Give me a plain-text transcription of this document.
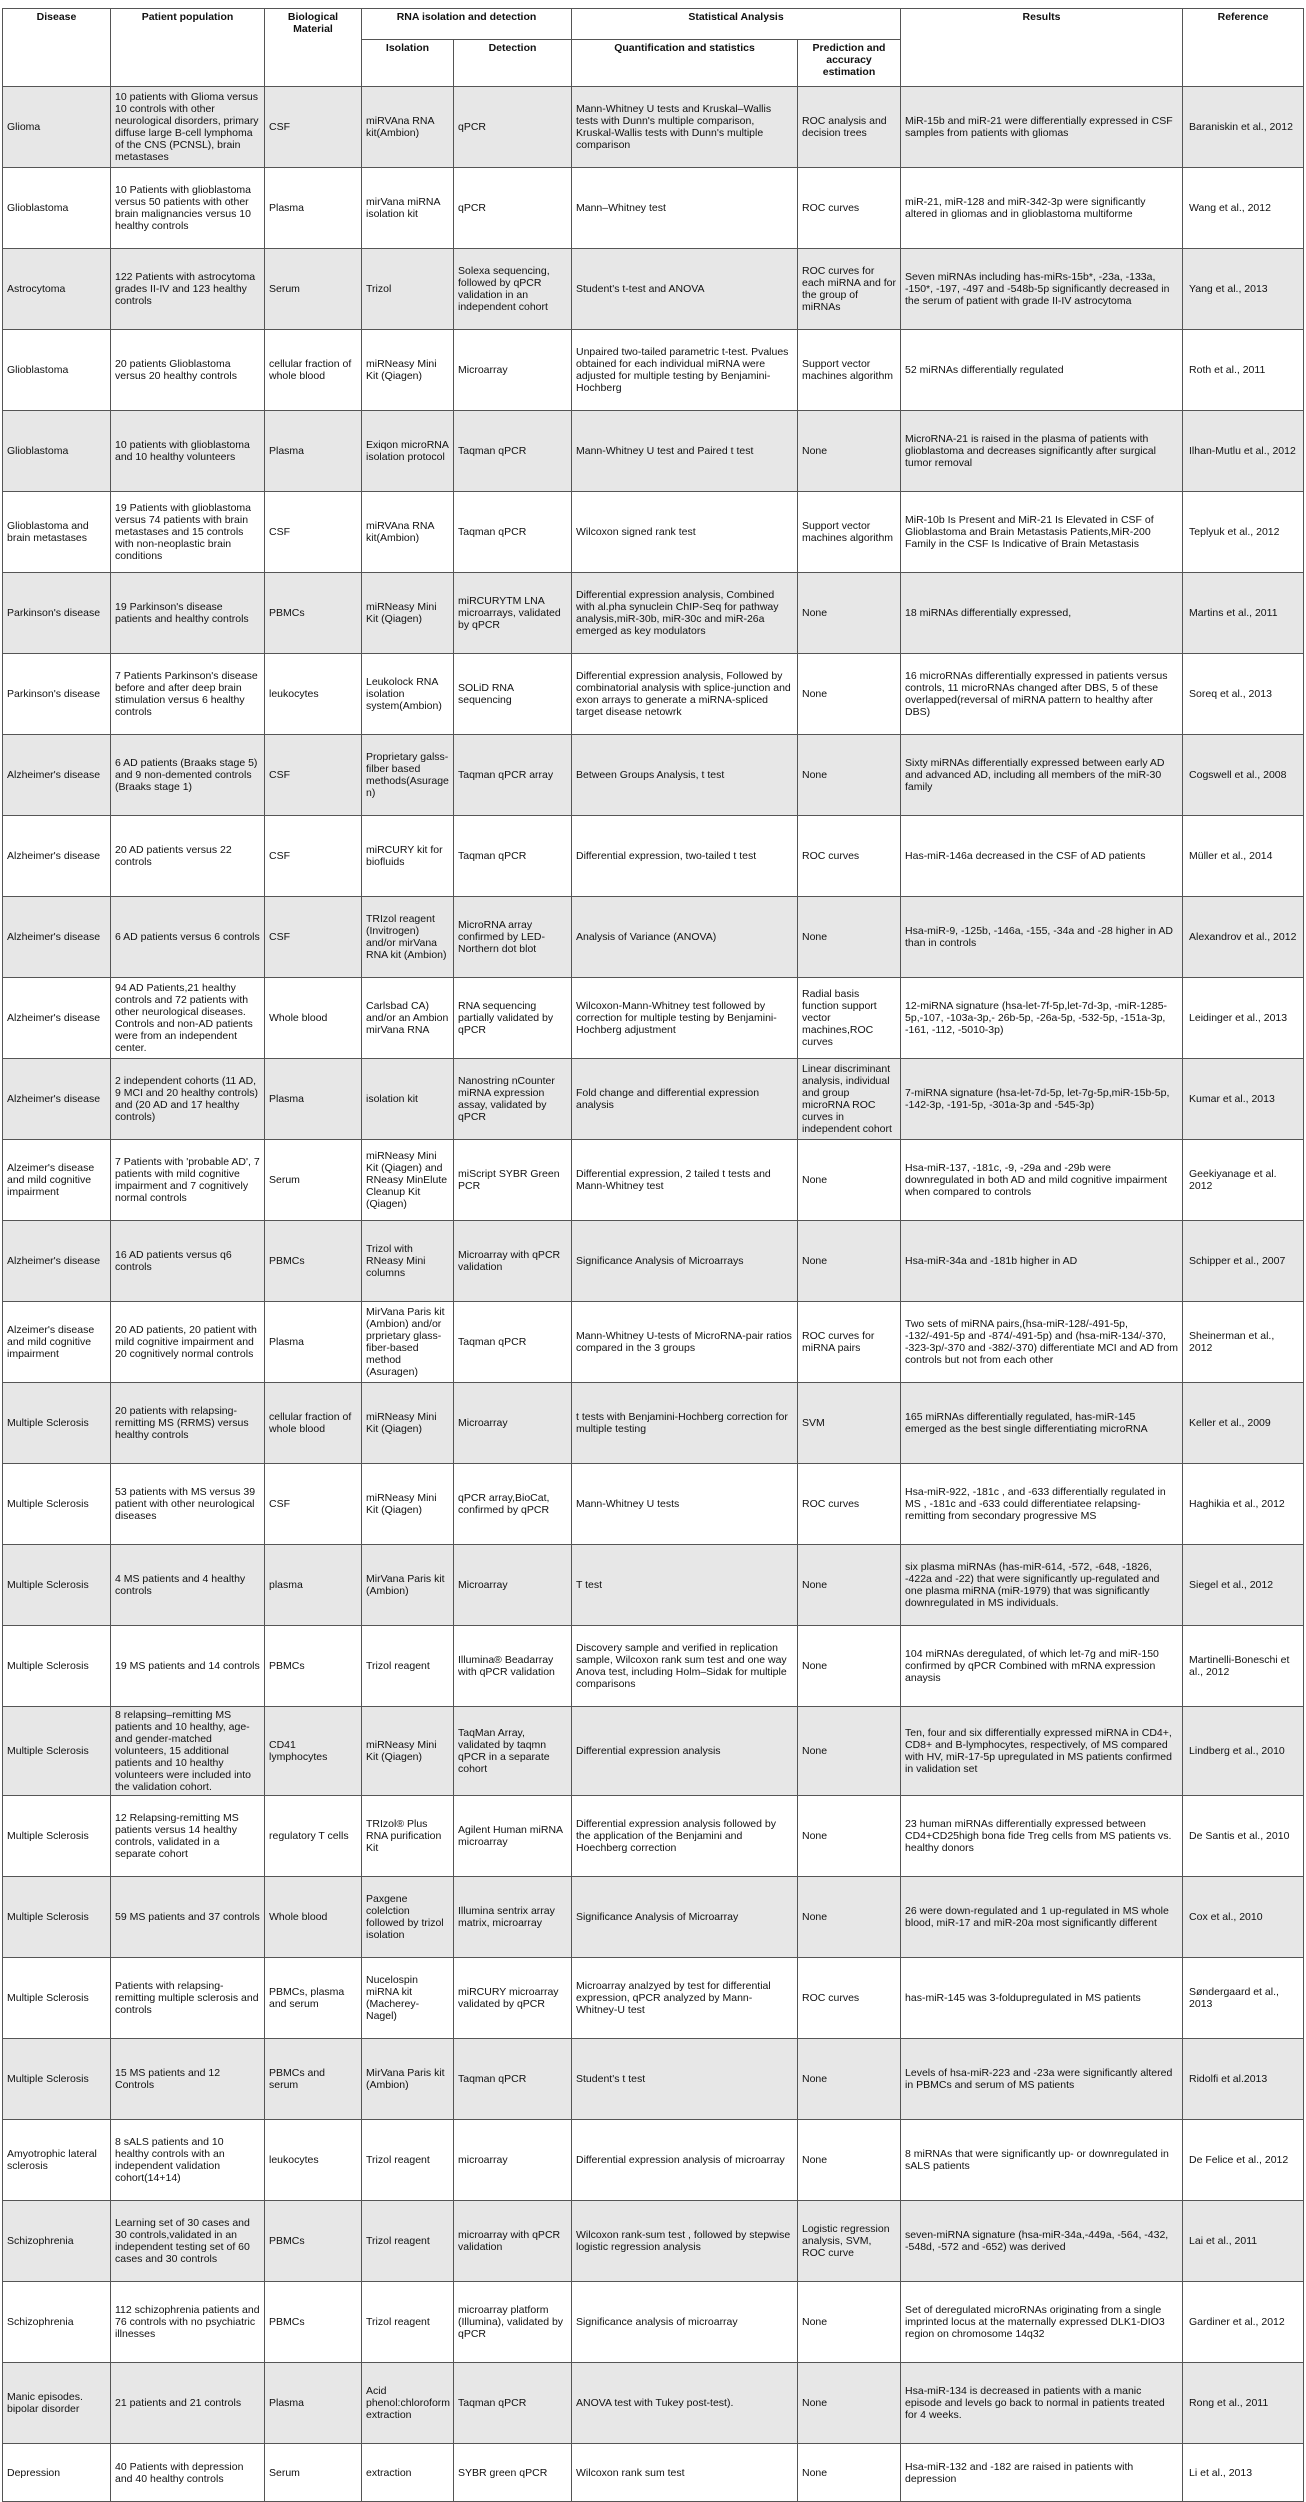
Disease	Patient population	Biological Material	RNA isolation and detection		Statistical Analysis		Results	Reference
			Isolation	Detection	Quantification and statistics	Prediction and accuracy estimation		
Glioma	10 patients with Glioma versus 10 controls with other neurological disorders, primary diffuse large B-cell lymphoma of the CNS (PCNSL), brain metastases	CSF	miRVAna RNA kit(Ambion)	qPCR	Mann-Whitney U tests and Kruskal–Wallis tests with Dunn's multiple comparison, Kruskal-Wallis tests with Dunn's multiple comparison	ROC analysis and decision trees	MiR-15b and miR-21 were differentially expressed in CSF samples from patients with gliomas	Baraniskin et al., 2012
Glioblastoma	10 Patients with glioblastoma versus 50 patients with other brain malignancies versus 10 healthy controls	Plasma	mirVana miRNA isolation kit	qPCR	Mann–Whitney test	ROC curves	miR-21, miR-128 and miR-342-3p were significantly altered in gliomas and in glioblastoma multiforme	Wang et al., 2012
Astrocytoma	122 Patients with astrocytoma grades II-IV and 123 healthy controls	Serum	Trizol	Solexa sequencing, followed by qPCR validation in an independent cohort	Student's t-test and ANOVA	ROC curves for each miRNA and for the group of miRNAs	Seven miRNAs including has-miRs-15b*, -23a, -133a, -150*, -197, -497 and -548b-5p significantly decreased in the serum of patient with grade II-IV astrocytoma	Yang et al., 2013
Glioblastoma	20 patients Glioblastoma versus 20 healthy controls	cellular fraction of whole blood	miRNeasy Mini Kit (Qiagen)	Microarray	Unpaired two-tailed parametric t-test. Pvalues obtained for each individual miRNA were adjusted for multiple testing by Benjamini-Hochberg	Support vector machines algorithm	52 miRNAs differentially regulated	Roth et al., 2011
Glioblastoma	10 patients with glioblastoma and 10 healthy volunteers	Plasma	Exiqon microRNA isolation protocol	Taqman qPCR	Mann-Whitney U test and Paired t test	None	MicroRNA-21 is raised in the plasma of patients with glioblastoma and decreases significantly after surgical tumor removal	Ilhan-Mutlu et al., 2012
Glioblastoma and brain metastases	19 Patients with glioblastoma versus 74 patients with brain metastases and 15 controls with non-neoplastic brain conditions	CSF	miRVAna RNA kit(Ambion)	Taqman qPCR	Wilcoxon signed rank test	Support vector machines algorithm	MiR-10b Is Present and MiR-21 Is Elevated in CSF of Glioblastoma and Brain Metastasis Patients,MiR-200 Family in the CSF Is Indicative of Brain Metastasis	Teplyuk et al., 2012
Parkinson's disease	19 Parkinson's disease patients and healthy controls	PBMCs	miRNeasy Mini Kit (Qiagen)	miRCURYTM LNA microarrays, validated by qPCR	Differential expression analysis, Combined with al.pha synuclein ChIP-Seq for pathway analysis,miR-30b, miR-30c and miR-26a emerged as key modulators	None	18 miRNAs differentially expressed,	Martins et al., 2011
Parkinson's disease	7 Patients Parkinson's disease before and after deep brain stimulation versus 6 healthy controls	leukocytes	Leukolock RNA isolation system(Ambion)	SOLiD RNA sequencing	Differential expression analysis, Followed by combinatorial analysis with splice-junction and exon arrays to generate a miRNA-spliced target disease netowrk	None	16 microRNAs differentially expressed in patients versus controls, 11 microRNAs changed after DBS, 5 of these overlapped(reversal of miRNA pattern to healthy after DBS)	Soreq et al., 2013
Alzheimer's disease	6 AD patients (Braaks stage 5) and 9 non-demented controls (Braaks stage 1)	CSF	Proprietary galss-filber based methods(Asurage n)	Taqman qPCR array	Between Groups Analysis, t test	None	Sixty miRNAs differentially expressed between early AD and advanced AD, including all members of the miR-30 family	Cogswell et al., 2008
Alzheimer's disease	20 AD patients versus 22 controls	CSF	miRCURY kit for biofluids	Taqman qPCR	Differential expression, two-tailed t test	ROC curves	Has-miR-146a decreased in the CSF of AD patients	Müller et al., 2014
Alzheimer's disease	6 AD patients versus 6 controls	CSF	TRIzol reagent (Invitrogen) and/or mirVana RNA kit (Ambion)	MicroRNA array confirmed by LED-Northern dot blot	Analysis of Variance (ANOVA)	None	Hsa-miR-9, -125b, -146a, -155, -34a and -28 higher in AD than in controls	Alexandrov et al., 2012
Alzheimer's disease	94 AD Patients,21 healthy controls and 72 patients with other neurological diseases. Controls and non-AD patients were from an independent center.	Whole blood	Carlsbad CA) and/or an Ambion mirVana RNA	RNA sequencing partially validated by qPCR	Wilcoxon-Mann-Whitney test followed by correction for multiple testing by Benjamini-Hochberg adjustment	Radial basis function support vector machines,ROC curves	12-miRNA signature (hsa-let-7f-5p,let-7d-3p, -miR-1285-5p,-107, -103a-3p,- 26b-5p, -26a-5p, -532-5p, -151a-3p, -161, -112, -5010-3p)	Leidinger et al., 2013
Alzheimer's disease	2 independent cohorts (11 AD, 9 MCI and 20 healthy controls) and (20 AD and 17 healthy controls)	Plasma	isolation kit	Nanostring nCounter miRNA expression assay, validated by qPCR	Fold change and differential expression analysis	Linear discriminant analysis, individual and group microRNA ROC curves in independent cohort	7-miRNA signature (hsa-let-7d-5p, let-7g-5p,miR-15b-5p, -142-3p, -191-5p, -301a-3p and -545-3p)	Kumar et al., 2013
Alzeimer's disease and mild cognitive impairment	7 Patients with 'probable AD', 7 patients with mild cognitive impairment and 7 cognitively normal controls	Serum	miRNeasy Mini Kit (Qiagen) and RNeasy MinElute Cleanup Kit (Qiagen)	miScript SYBR Green PCR	Differential expression, 2 tailed t tests and Mann-Whitney test	None	Hsa-miR-137, -181c, -9, -29a and -29b were downregulated in both AD and mild cognitive impairment when compared to controls	Geekiyanage et al. 2012
Alzheimer's disease	16 AD patients versus q6 controls	PBMCs	Trizol with RNeasy Mini columns	Microarray with qPCR validation	Significance Analysis of Microarrays	None	Hsa-miR-34a and -181b higher in AD	Schipper et al., 2007
Alzeimer's disease and mild cognitive impairment	20 AD patients, 20 patient with mild cognitive impairment and 20 cognitively normal controls	Plasma	MirVana Paris kit (Ambion) and/or prprietary glass-fiber-based method (Asuragen)	Taqman qPCR	Mann-Whitney U-tests of MicroRNA-pair ratios compared in the 3 groups	ROC curves for miRNA pairs	Two sets of miRNA pairs,(hsa-miR-128/-491-5p, -132/-491-5p and -874/-491-5p) and (hsa-miR-134/-370, -323-3p/-370 and -382/-370) differentiate MCI and AD from controls but not from each other	Sheinerman et al., 2012
Multiple Sclerosis	20 patients with relapsing-remitting MS (RRMS) versus healthy controls	cellular fraction of whole blood	miRNeasy Mini Kit (Qiagen)	Microarray	t tests with Benjamini-Hochberg correction for multiple testing	SVM	165 miRNAs differentially regulated, has-miR-145 emerged as the best single differentiating microRNA	Keller et al., 2009
Multiple Sclerosis	53 patients with MS versus 39 patient with other neurological diseases	CSF	miRNeasy Mini Kit (Qiagen)	qPCR array,BioCat, confirmed by qPCR	Mann-Whitney U tests	ROC curves	Hsa-miR-922, -181c , and -633 differentially regulated in MS , -181c and -633 could differentiatee relapsing-remitting from secondary progressive MS	Haghikia et al., 2012
Multiple Sclerosis	4 MS patients and 4 healthy controls	plasma	MirVana Paris kit (Ambion)	Microarray	T test	None	six plasma miRNAs (has-miR-614, -572, -648, -1826, -422a and -22) that were significantly up-regulated and one plasma miRNA (miR-1979) that was significantly downregulated in MS individuals.	Siegel et al., 2012
Multiple Sclerosis	19 MS patients and 14 controls	PBMCs	Trizol reagent	Illumina® Beadarray with qPCR validation	Discovery sample and verified in replication sample, Wilcoxon rank sum test and one way Anova test, including Holm–Sidak for multiple comparisons	None	104 miRNAs deregulated, of which let-7g and miR-150 confirmed by qPCR Combined with mRNA expression anaysis	Martinelli-Boneschi et al., 2012
Multiple Sclerosis	8 relapsing–remitting MS patients and 10 healthy, age- and gender-matched volunteers, 15 additional patients and 10 healthy volunteers were included into the validation cohort.	CD41 lymphocytes	miRNeasy Mini Kit (Qiagen)	TaqMan Array, validated by taqmn qPCR in a separate cohort	Differential expression analysis	None	Ten, four and six differentially expressed miRNA in CD4+, CD8+ and B-lymphocytes, respectively, of MS compared with HV, miR-17-5p upregulated in MS patients confirmed in validation set	Lindberg et al., 2010
Multiple Sclerosis	12 Relapsing-remitting MS patients versus 14 healthy controls, validated in a separate cohort	regulatory T cells	TRIzol® Plus RNA purification Kit	Agilent Human miRNA microarray	Differential expression analysis followed by the application of the Benjamini and Hoechberg correction	None	23 human miRNAs differentially expressed between CD4+CD25high bona fide Treg cells from MS patients vs. healthy donors	De Santis et al., 2010
Multiple Sclerosis	59 MS patients and 37 controls	Whole blood	Paxgene colelction followed by trizol isolation	Illumina sentrix array matrix, microarray	Significance Analysis of Microarray	None	26 were down-regulated and 1 up-regulated in MS whole blood, miR-17 and miR-20a most significantly different	Cox et al., 2010
Multiple Sclerosis	Patients with relapsing-remitting multiple sclerosis and controls	PBMCs, plasma and serum	Nucelospin miRNA kit (Macherey-Nagel)	miRCURY microarray validated by qPCR	Microarray analzyed by test for differential expression, qPCR analyzed by Mann-Whitney-U test	ROC curves	has-miR-145 was 3-foldupregulated in MS patients	Søndergaard et al., 2013
Multiple Sclerosis	15 MS patients and 12 Controls	PBMCs and serum	MirVana Paris kit (Ambion)	Taqman qPCR	Student's t test	None	Levels of hsa-miR-223 and -23a were significantly altered in PBMCs and serum of MS patients	Ridolfi et al.2013
Amyotrophic lateral sclerosis	8 sALS patients and 10 healthy controls with an independent validation cohort(14+14)	leukocytes	Trizol reagent	microarray	Differential expression analysis of microarray	None	8 miRNAs that were significantly up- or downregulated in sALS patients	De Felice et al., 2012
Schizophrenia	Learning set of 30 cases and 30 controls,validated in an independent testing set of 60 cases and 30 controls	PBMCs	Trizol reagent	microarray with qPCR validation	Wilcoxon rank-sum test , followed by stepwise logistic regression analysis	Logistic regression analysis, SVM, ROC curve	seven-miRNA signature (hsa-miR-34a,-449a, -564, -432, -548d, -572 and -652) was derived	Lai et al., 2011
Schizophrenia	112 schizophrenia patients and 76 controls with no psychiatric illnesses	PBMCs	Trizol reagent	microarray platform (Illumina), validated by qPCR	Significance analysis of microarray	None	Set of deregulated microRNAs originating from a single imprinted locus at the maternally expressed DLK1-DIO3 region on chromosome 14q32	Gardiner et al., 2012
Manic episodes. bipolar disorder	21 patients and 21 controls	Plasma	Acid phenol:chloroform extraction	Taqman qPCR	ANOVA test with Tukey post-test).	None	Hsa-miR-134 is decreased in patients with a manic episode and levels go back to normal in patients treated for 4 weeks.	Rong et al., 2011
Depression	40 Patients with depression and 40 healthy controls	Serum	extraction	SYBR green qPCR	Wilcoxon rank sum test	None	Hsa-miR-132 and -182 are raised in patients with depression	Li et al., 2013
